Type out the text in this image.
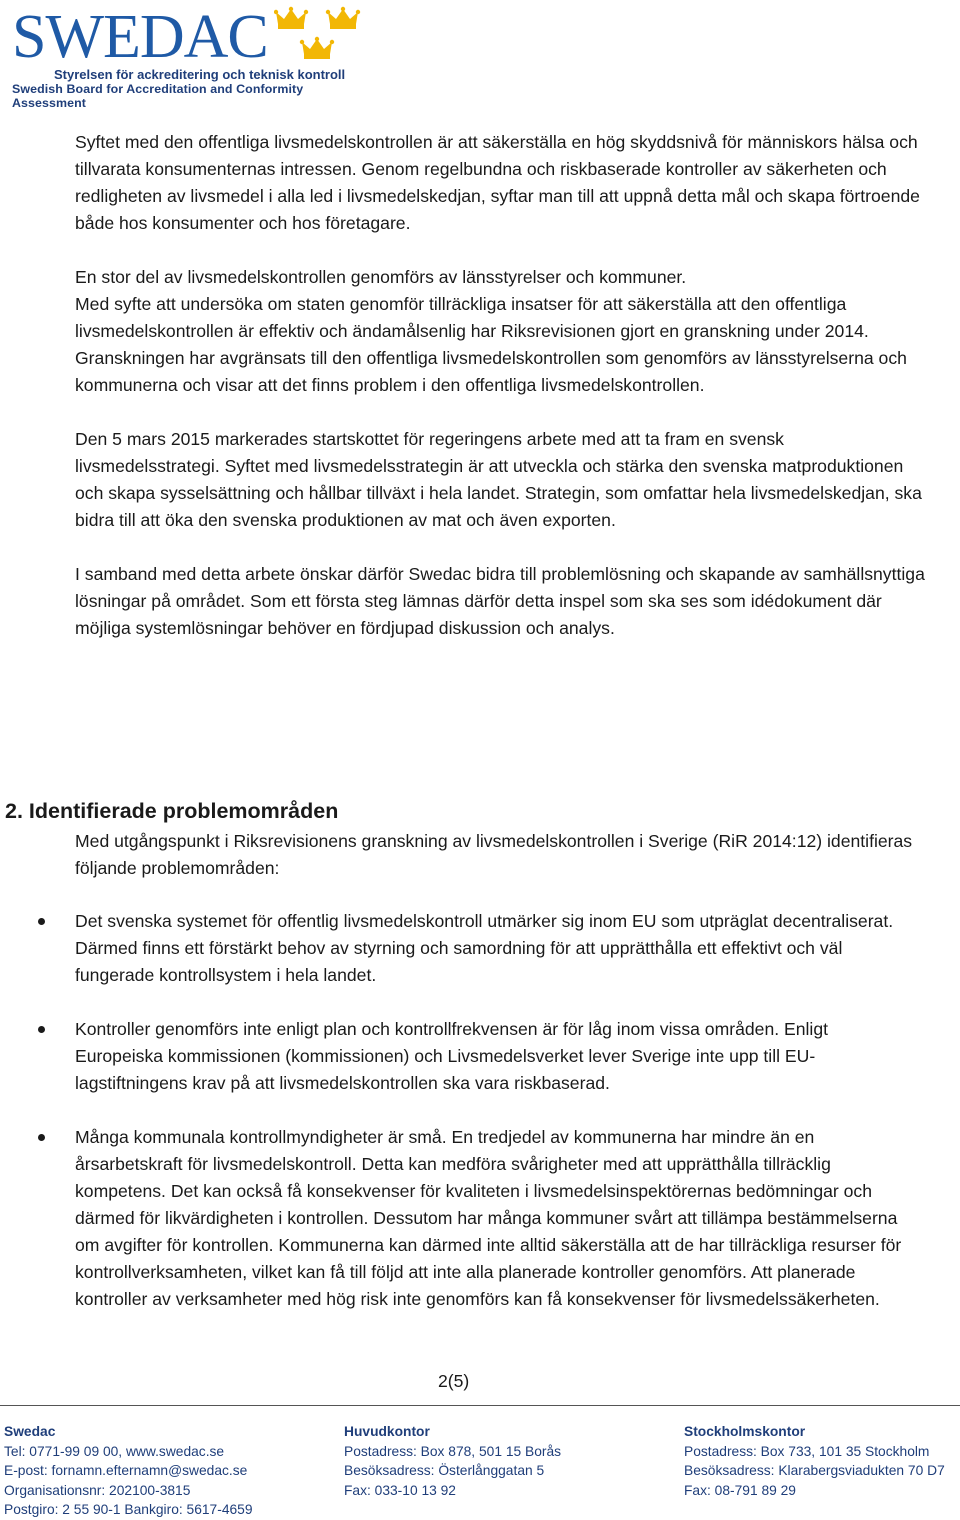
SWEDAC
Styrelsen för ackreditering och teknisk kontroll
Swedish Board for Accreditation and Conformity Assessment

Syftet med den offentliga livsmedelskontrollen är att säkerställa en hög skyddsnivå för människors hälsa och tillvarata konsumenternas intressen. Genom regelbundna och riskbaserade kontroller av säkerheten och redligheten av livsmedel i alla led i livsmedelskedjan, syftar man till att uppnå detta mål och skapa förtroende både hos konsumenter och hos företagare.

En stor del av livsmedelskontrollen genomförs av länsstyrelser och kommuner.

Med syfte att undersöka om staten genomför tillräckliga insatser för att säkerställa att den offentliga livsmedelskontrollen är effektiv och ändamålsenlig har Riksrevisionen gjort en granskning under 2014. Granskningen har avgränsats till den offentliga livsmedelskontrollen som genomförs av länsstyrelserna och kommunerna och visar att det finns problem i den offentliga livsmedelskontrollen.

Den 5 mars 2015 markerades startskottet för regeringens arbete med att ta fram en svensk livsmedelsstrategi. Syftet med livsmedelsstrategin är att utveckla och stärka den svenska matproduktionen och skapa sysselsättning och hållbar tillväxt i hela landet. Strategin, som omfattar hela livsmedelskedjan, ska bidra till att öka den svenska produktionen av mat och även exporten.

I samband med detta arbete önskar därför Swedac bidra till problemlösning och skapande av samhällsnyttiga lösningar på området. Som ett första steg lämnas därför detta inspel som ska ses som idédokument där möjliga systemlösningar behöver en fördjupad diskussion och analys.

2. Identifierade problemområden

Med utgångspunkt i Riksrevisionens granskning av livsmedelskontrollen i Sverige (RiR 2014:12) identifieras följande problemområden:

Det svenska systemet för offentlig livsmedelskontroll utmärker sig inom EU som utpräglat decentraliserat. Därmed finns ett förstärkt behov av styrning och samordning för att upprätthålla ett effektivt och väl fungerade kontrollsystem i hela landet.
Kontroller genomförs inte enligt plan och kontrollfrekvensen är för låg inom vissa områden. Enligt Europeiska kommissionen (kommissionen) och Livsmedelsverket lever Sverige inte upp till EU-lagstiftningens krav på att livsmedelskontrollen ska vara riskbaserad.
Många kommunala kontrollmyndigheter är små. En tredjedel av kommunerna har mindre än en årsarbetskraft för livsmedelskontroll. Detta kan medföra svårigheter med att upprätthålla tillräcklig kompetens. Det kan också få konsekvenser för kvaliteten i livsmedelsinspektörernas bedömningar och därmed för likvärdigheten i kontrollen. Dessutom har många kommuner svårt att tillämpa bestämmelserna om avgifter för kontrollen. Kommunerna kan därmed inte alltid säkerställa att de har tillräckliga resurser för kontrollverksamheten, vilket kan få till följd att inte alla planerade kontroller genomförs. Att planerade kontroller av verksamheter med hög risk inte genomförs kan få konsekvenser för livsmedelssäkerheten.
2(5)
Swedac
Tel: 0771-99 09 00, www.swedac.se
E-post: fornamn.efternamn@swedac.se
Organisationsnr: 202100-3815
Postgiro: 2 55 90-1 Bankgiro: 5617-4659
Huvudkontor
Postadress: Box 878, 501 15 Borås
Besöksadress: Österlånggatan 5
Fax: 033-10 13 92
Stockholmskontor
Postadress: Box 733, 101 35 Stockholm
Besöksadress: Klarabergsviadukten 70 D7
Fax: 08-791 89 29
